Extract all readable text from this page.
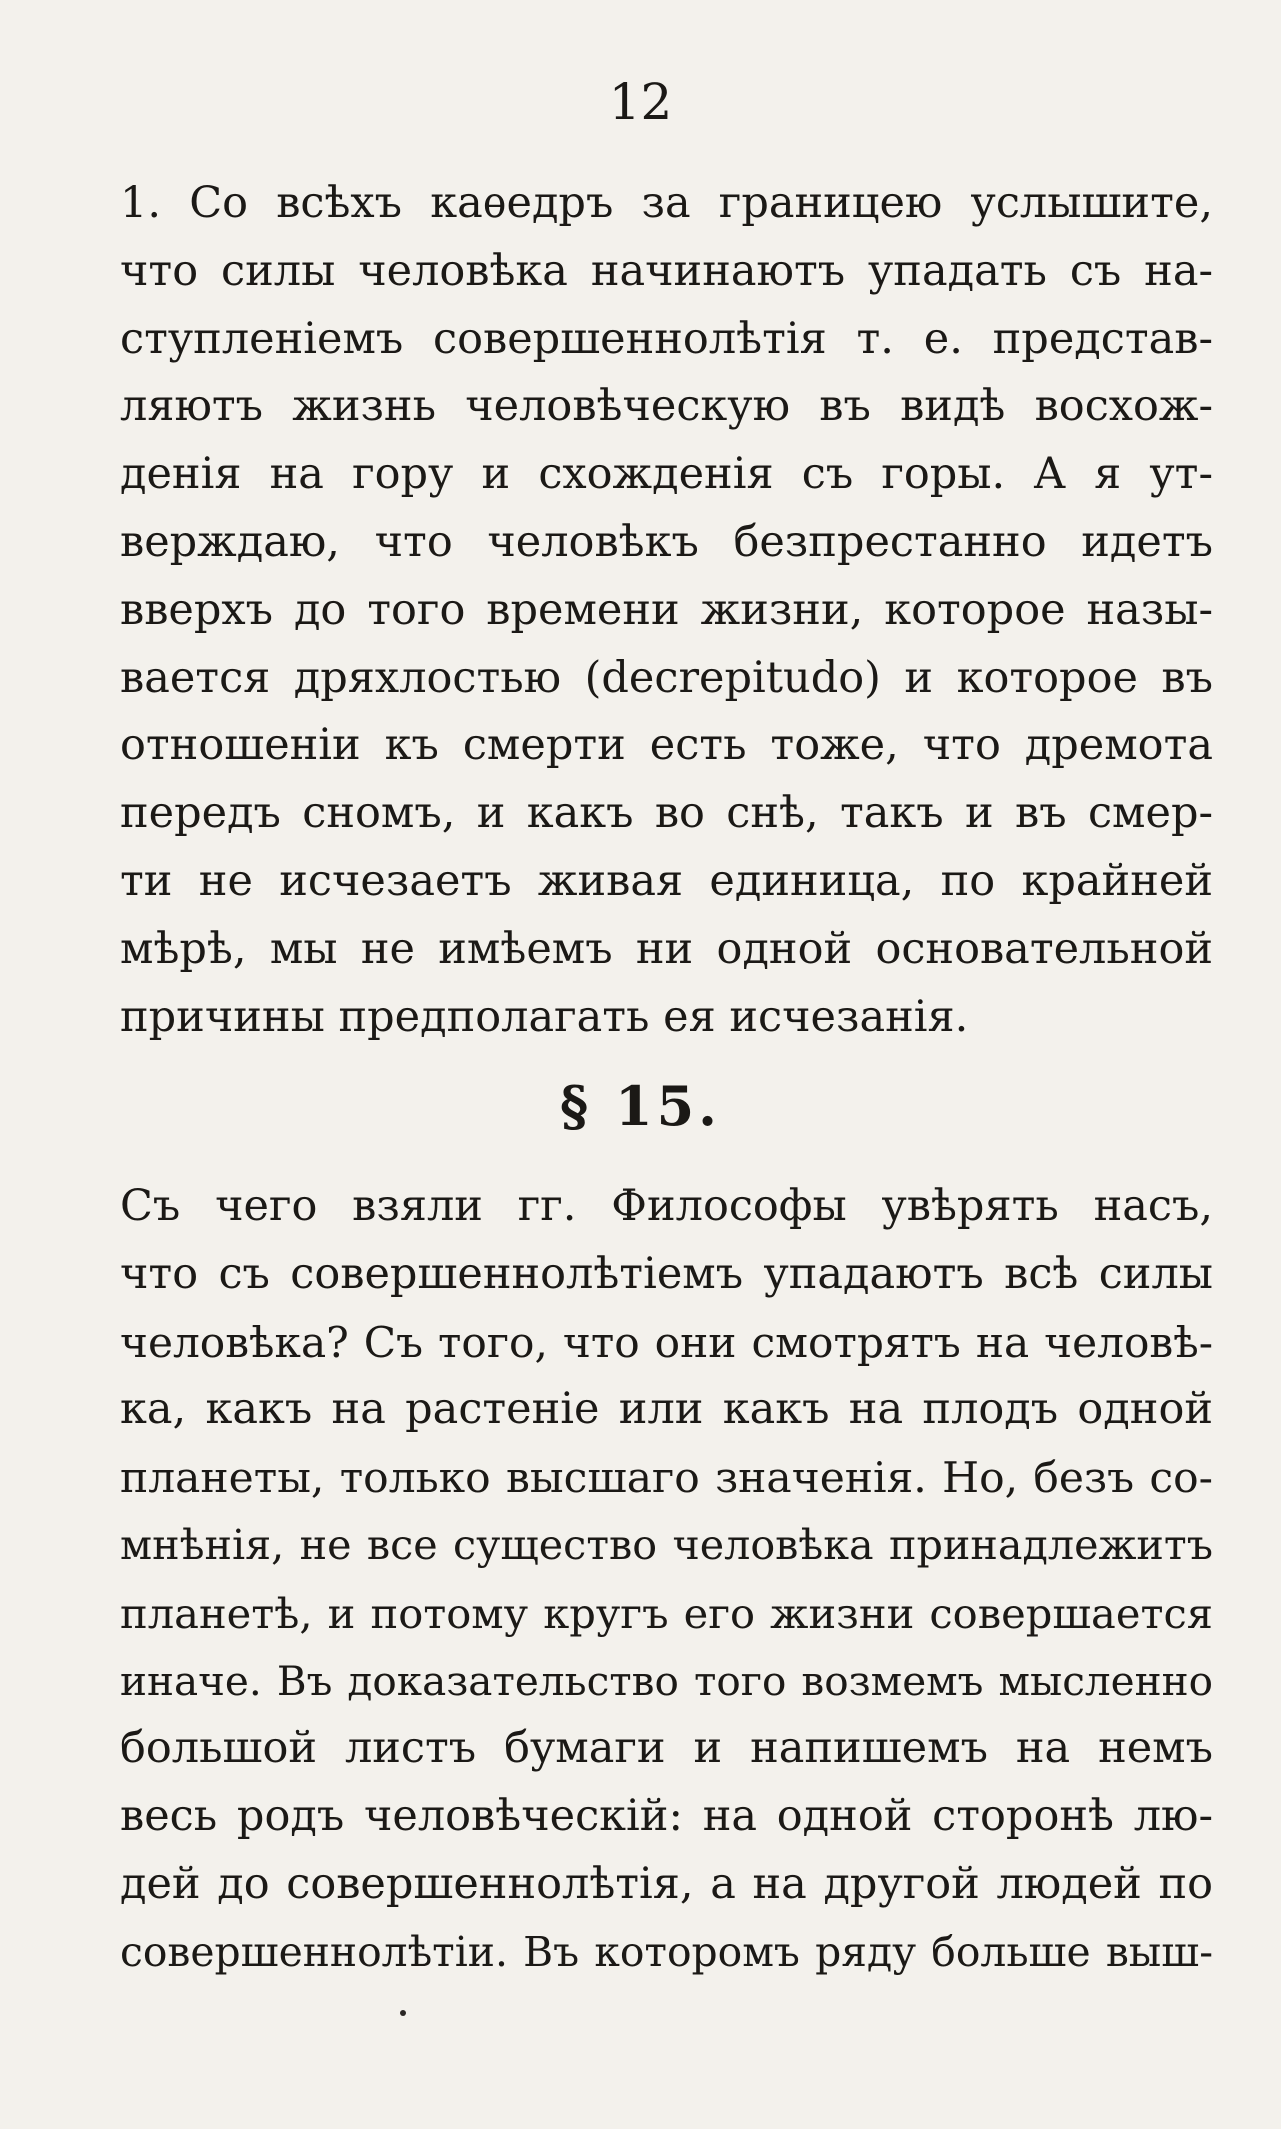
12
1. Со всѣхъ каѳедръ за границею услышите,
что силы человѣка начинаютъ упадать съ на-
ступленіемъ совершеннолѣтія т. е. представ-
ляютъ жизнь человѣческую въ видѣ восхож-
денія на гору и схожденія съ горы. А я ут-
верждаю, что человѣкъ безпрестанно идетъ
вверхъ до того времени жизни, которое назы-
вается дряхлостью (decrepitudo) и которое въ
отношеніи къ смерти есть тоже, что дремота
передъ сномъ, и какъ во снѣ, такъ и въ смер-
ти не исчезаетъ живая единица, по крайней
мѣрѣ, мы не имѣемъ ни одной основательной
причины предполагать ея исчезанія.
§ 15.
Съ чего взяли гг. Философы увѣрять насъ,
что съ совершеннолѣтіемъ упадаютъ всѣ силы
человѣка? Съ того, что они смотрятъ на человѣ-
ка, какъ на растеніе или какъ на плодъ одной
планеты, только высшаго значенія. Но, безъ со-
мнѣнія, не все существо человѣка принадлежитъ
планетѣ, и потому кругъ его жизни совершается
иначе. Въ доказательство того возмемъ мысленно
большой листъ бумаги и напишемъ на немъ
весь родъ человѣческій: на одной сторонѣ лю-
дей до совершеннолѣтія, а на другой людей по
совершеннолѣтіи. Въ которомъ ряду больше выш-
